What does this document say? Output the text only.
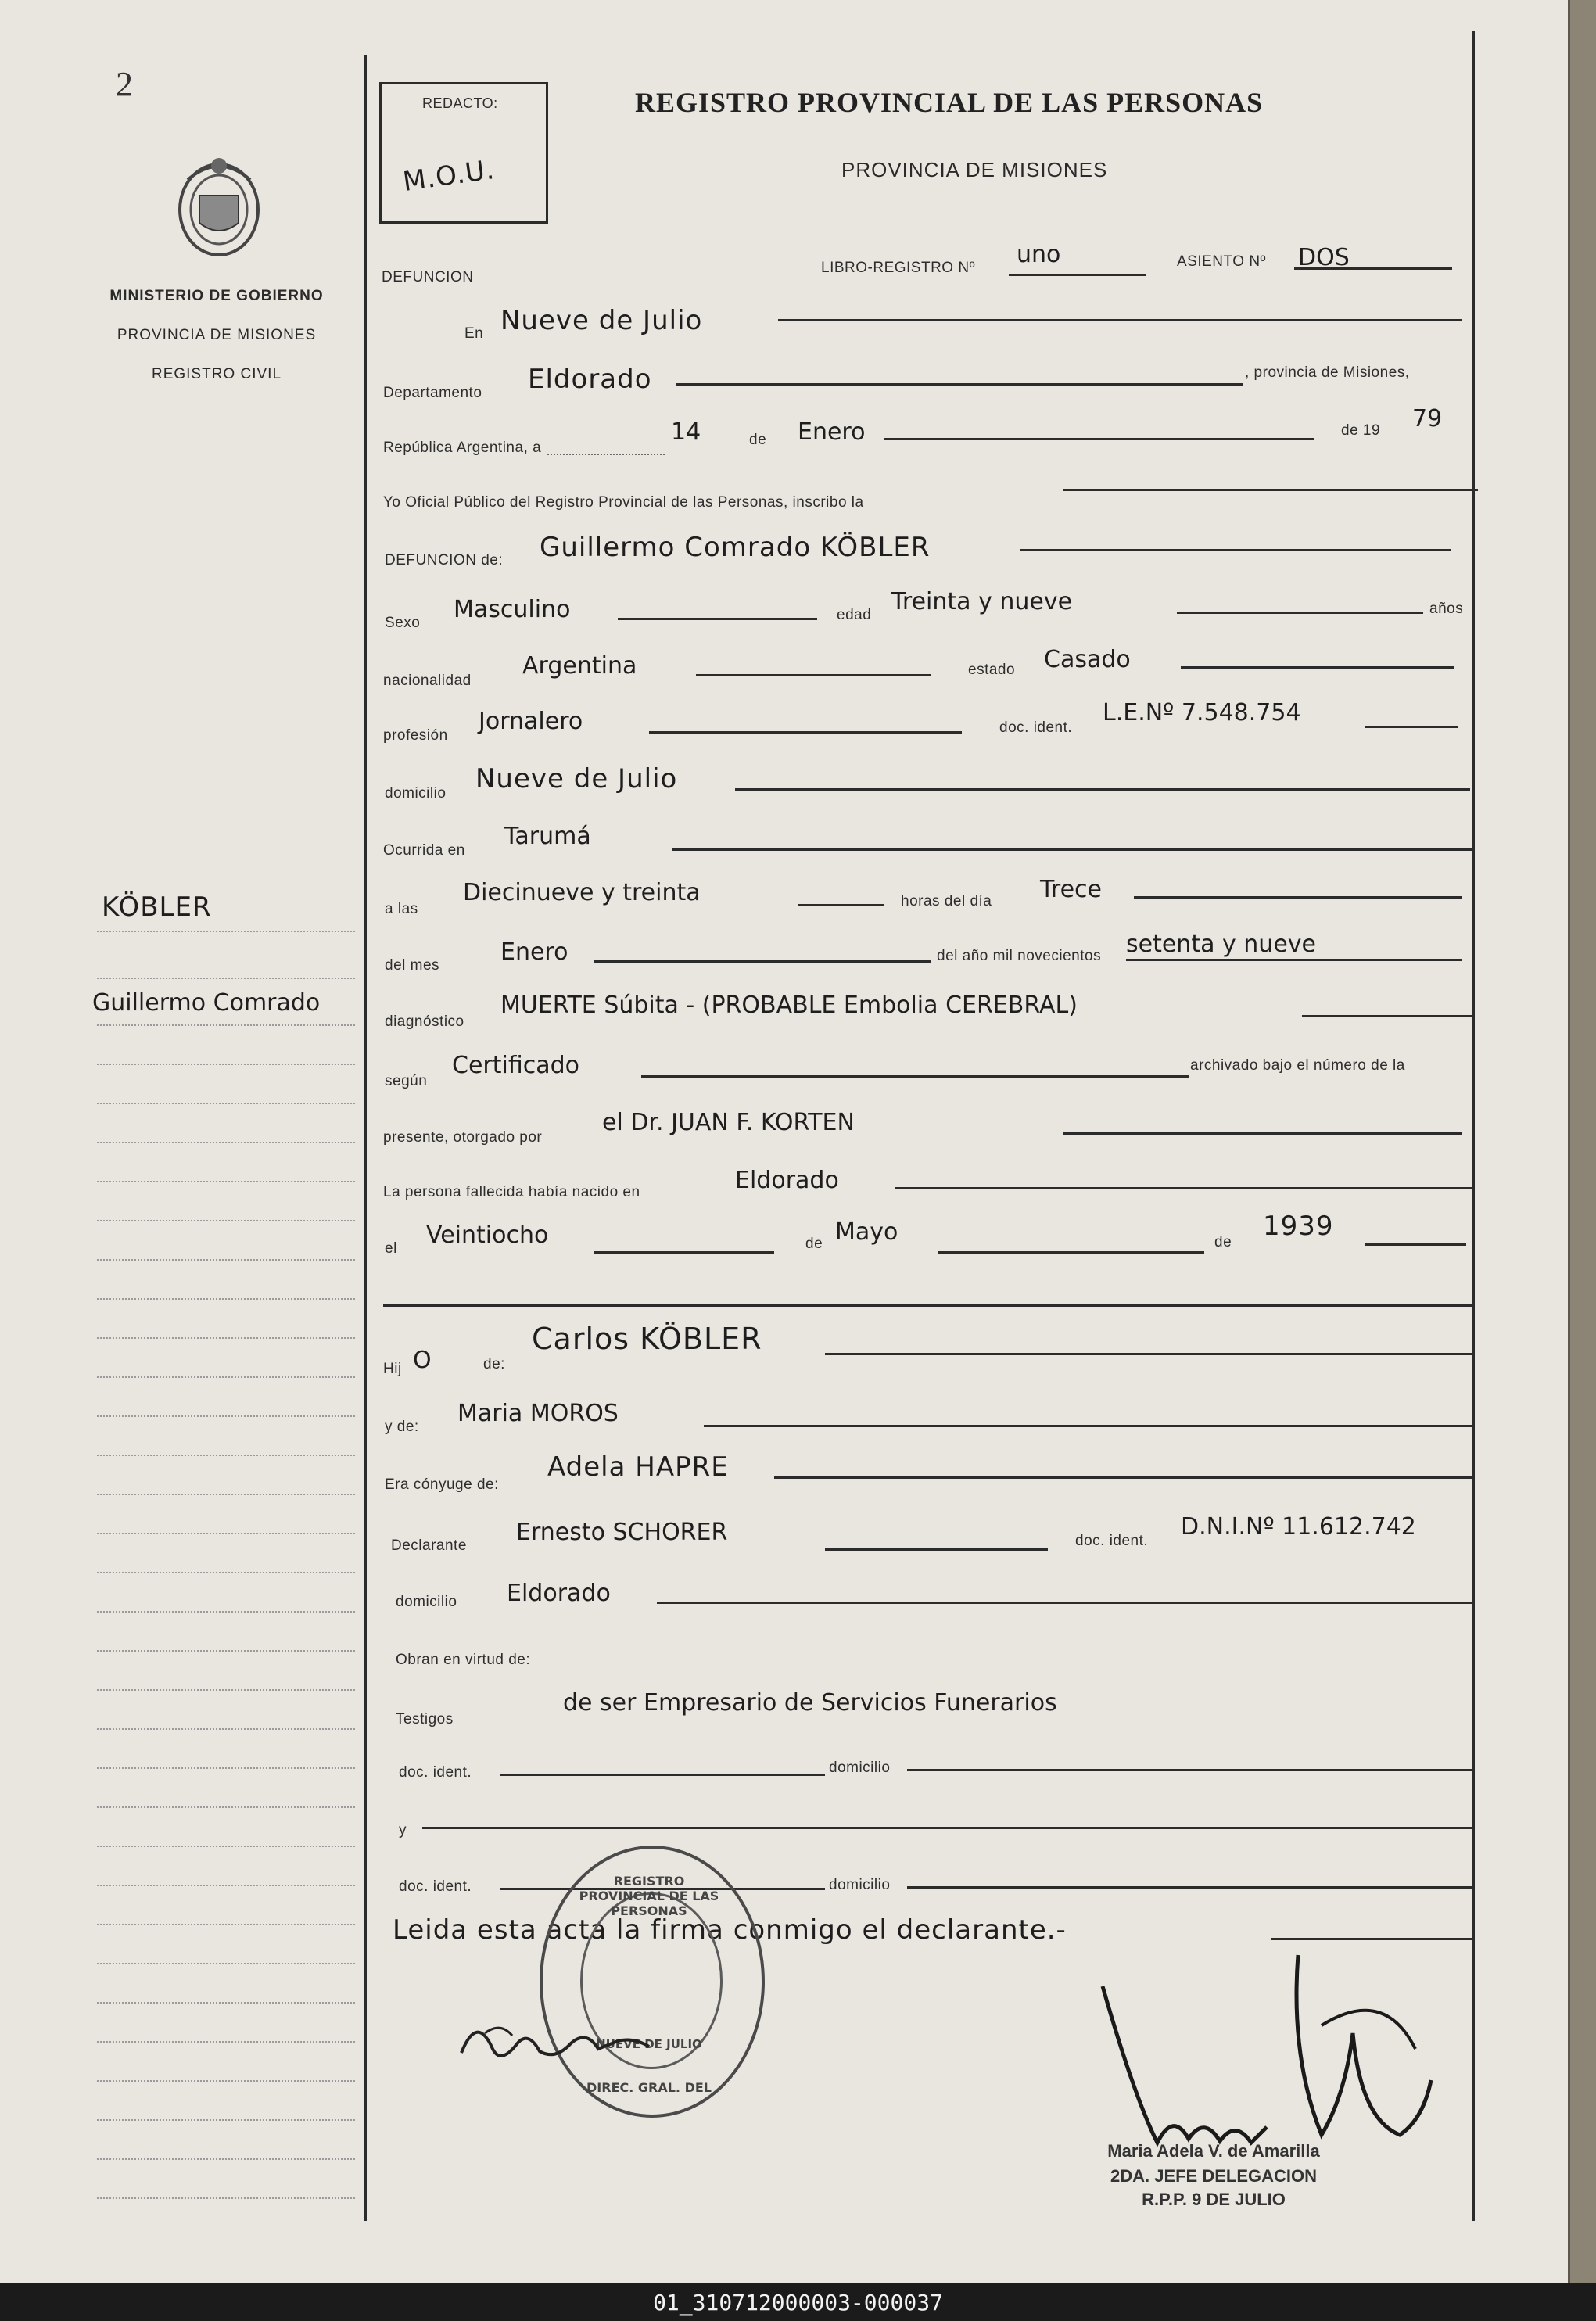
01_310712000003-000037
2
MINISTERIO DE GOBIERNO
PROVINCIA DE MISIONES
REGISTRO CIVIL
KÖBLER
Guillermo Comrado
REDACTO:
M.O.U.
REGISTRO PROVINCIAL DE LAS PERSONAS
PROVINCIA DE MISIONES
DEFUNCION
LIBRO-REGISTRO Nº uno	ASIENTO Nº DOS
En Nueve de Julio
Departamento Eldorado	, provincia de Misiones,
República Argentina, a
14	de Enero	de 19 79
Yo Oficial Público del Registro Provincial de las Personas, inscribo la
DEFUNCION de: Guillermo Comrado KÖBLER
Sexo Masculino	edad Treinta y nueve	años
nacionalidad
Argentina	estado Casado
profesión
Jornalero	doc. ident.
L.E.Nº 7.548.754
domicilio Nueve de Julio
Ocurrida en
Tarumá
a las
Diecinueve y treinta	horas del día Trece
del mes	Enero	del año mil novecientos setenta y nueve
diagnóstico
MUERTE Súbita - (PROBABLE Embolia CEREBRAL)
según
Certificado	archivado bajo el número de la
presente, otorgado por
el Dr. JUAN F. KORTEN
La persona fallecida había nacido en	Eldorado
el Veintiocho	de Mayo	de
1939
Hij O	de:
Carlos KÖBLER
y de: Maria MOROS
Era cónyuge de:
Adela HAPRE
Declarante Ernesto SCHORER	doc. ident.
D.N.I.Nº 11.612.742
domicilio Eldorado
Obran en virtud de:
Testigos
de ser Empresario de Servicios Funerarios
doc. ident.	domicilio
y
doc. ident.	domicilio
Leida esta acta la firma conmigo el declarante.-
REGISTRO PROVINCIAL DE LAS PERSONAS
DIREC. GRAL. DEL
NUEVE DE JULIO
Maria Adela V. de Amarilla
2DA. JEFE DELEGACION
R.P.P. 9 DE JULIO
